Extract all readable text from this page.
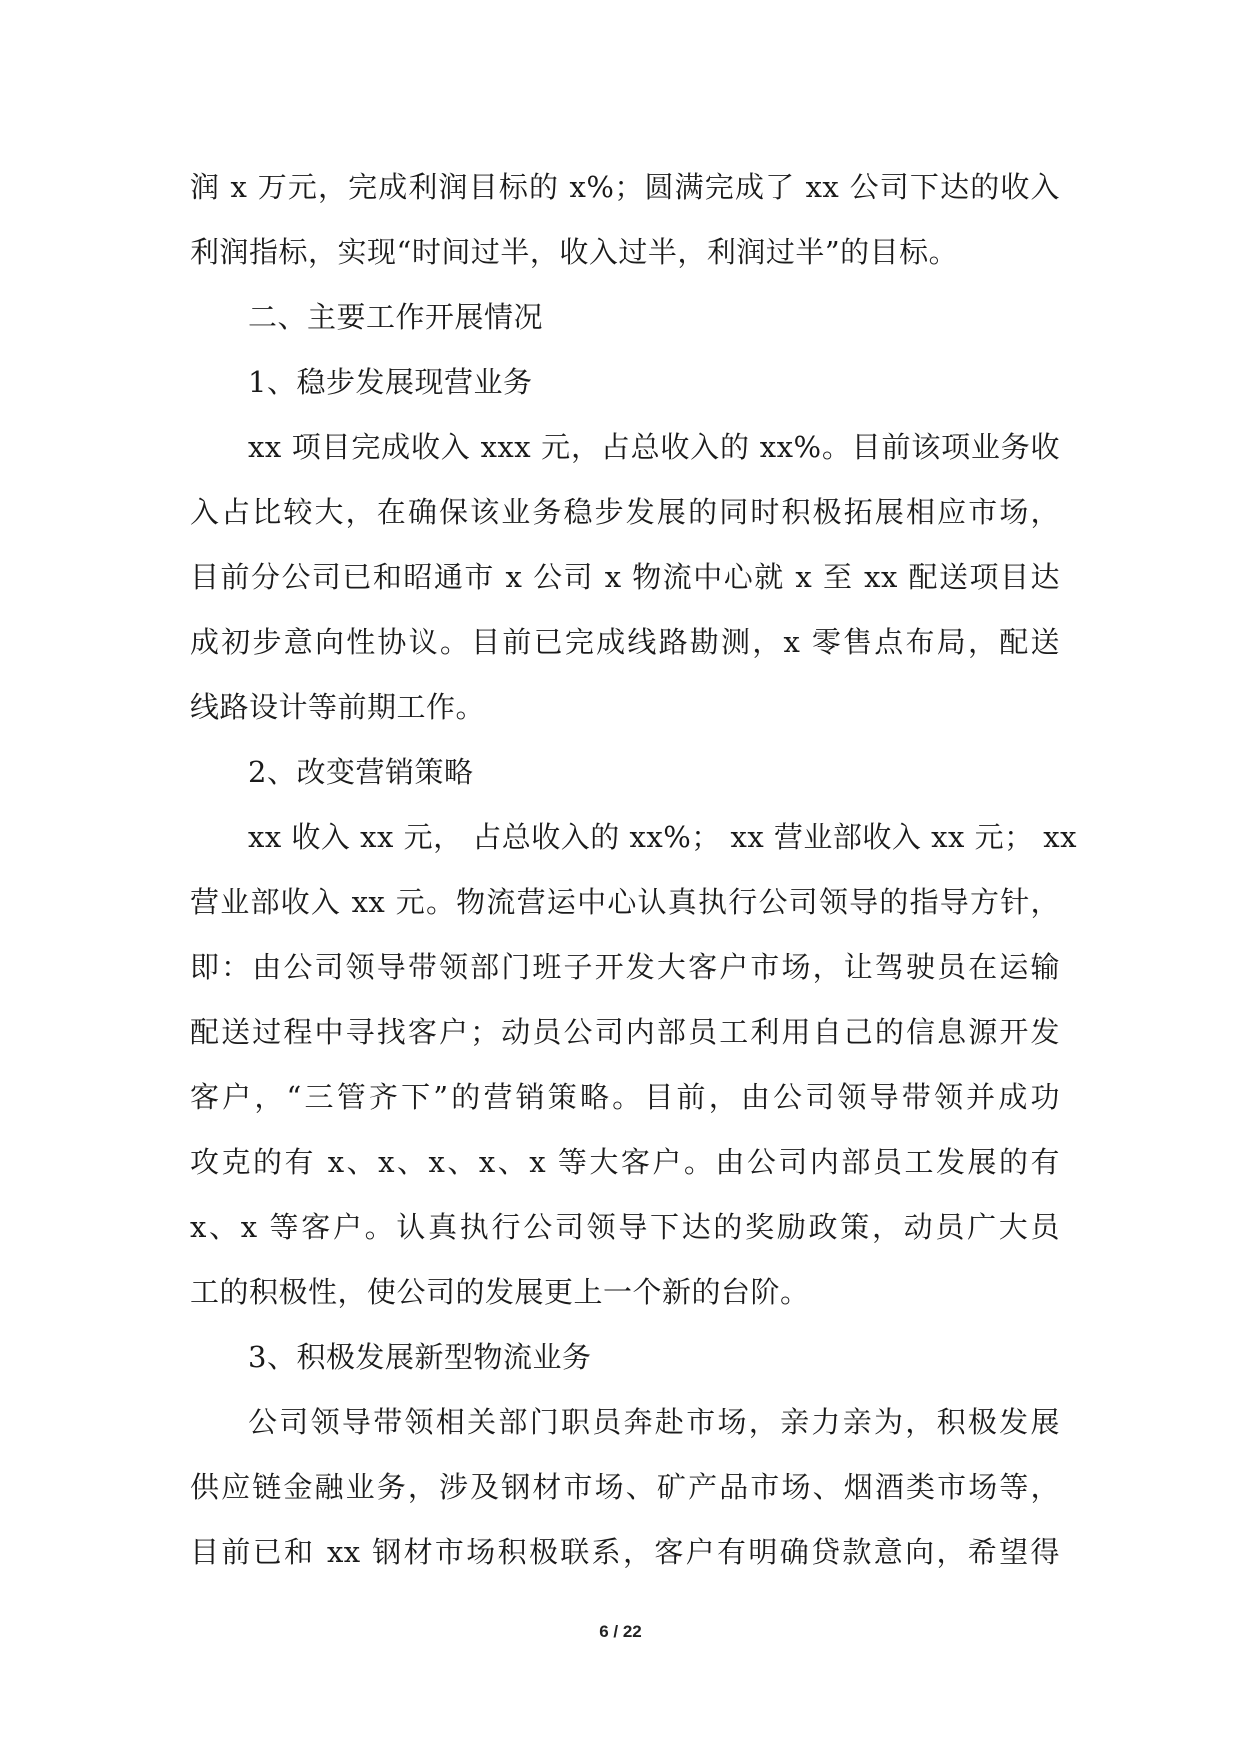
润 x 万元，完成利润目标的 x%；圆满完成了 xx 公司下达的收入
利润指标，实现“时间过半，收入过半，利润过半”的目标。
二、主要工作开展情况
1、稳步发展现营业务
xx 项目完成收入 xxx 元，占总收入的 xx%。目前该项业务收
入占比较大，在确保该业务稳步发展的同时积极拓展相应市场，
目前分公司已和昭通市 x 公司 x 物流中心就 x 至 xx 配送项目达
成初步意向性协议。目前已完成线路勘测，x 零售点布局，配送
线路设计等前期工作。
2、改变营销策略
xx 收入 xx 元， 占总收入的 xx%； xx 营业部收入 xx 元； xx
营业部收入 xx 元。物流营运中心认真执行公司领导的指导方针，
即：由公司领导带领部门班子开发大客户市场，让驾驶员在运输
配送过程中寻找客户；动员公司内部员工利用自己的信息源开发
客户，“三管齐下”的营销策略。目前，由公司领导带领并成功
攻克的有 x、x、x、x、x 等大客户。由公司内部员工发展的有
x、x 等客户。认真执行公司领导下达的奖励政策，动员广大员
工的积极性，使公司的发展更上一个新的台阶。
3、积极发展新型物流业务
公司领导带领相关部门职员奔赴市场，亲力亲为，积极发展
供应链金融业务，涉及钢材市场、矿产品市场、烟酒类市场等，
目前已和 xx 钢材市场积极联系，客户有明确贷款意向，希望得
6 / 22
